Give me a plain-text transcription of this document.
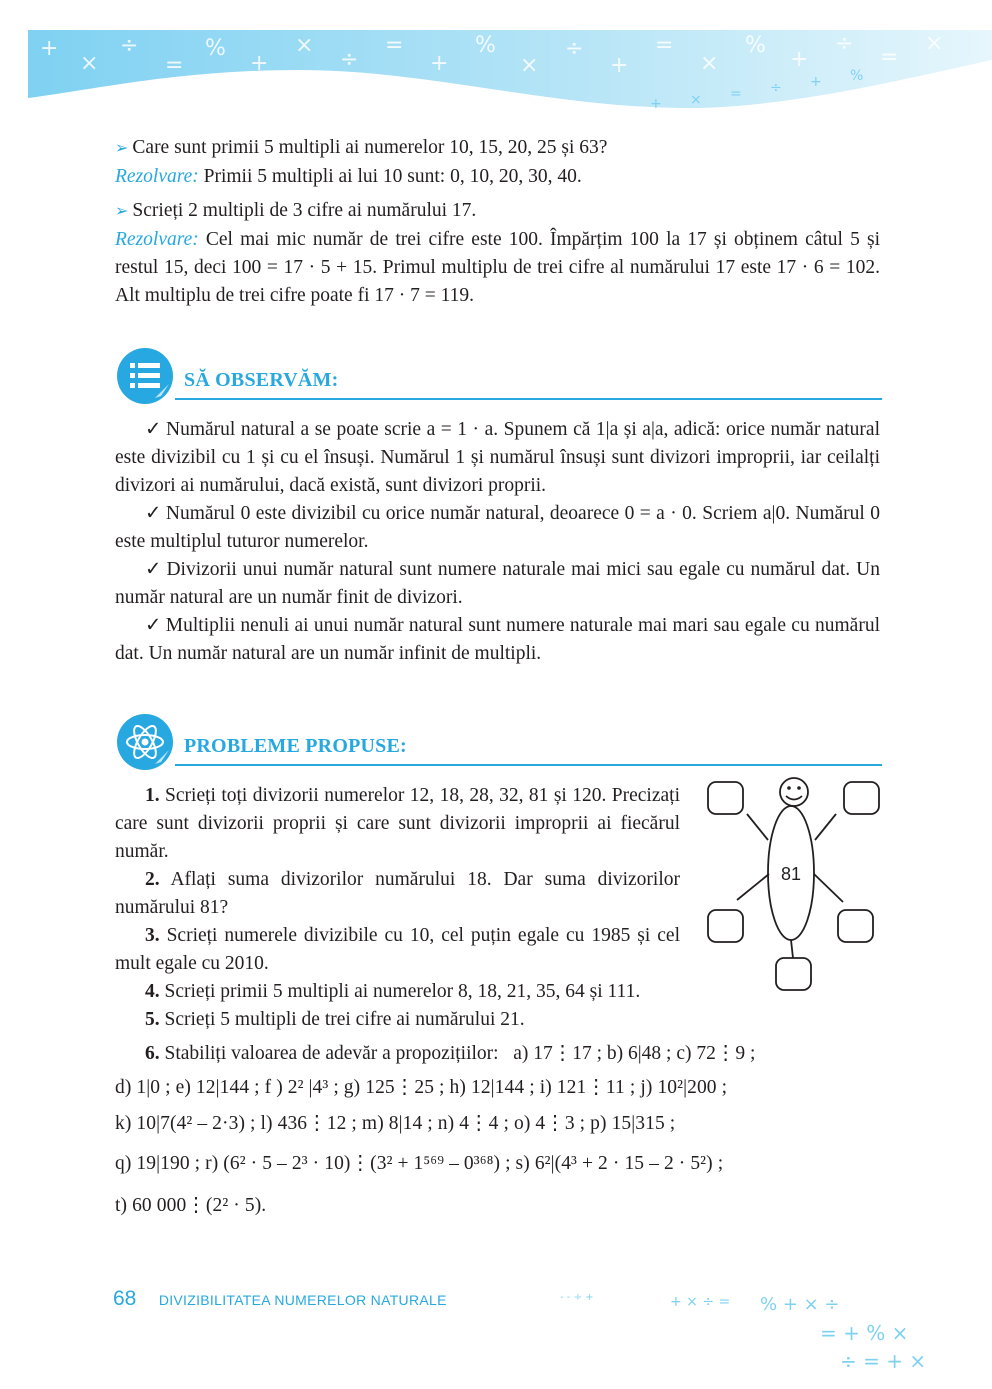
+
×
÷
=
%
+
×
÷
=
+
%
×
÷
+
=
×
%
+
÷
=
×
+ × = ÷ + %

➢ Care sunt primii 5 multipli ai numerelor 10, 15, 20, 25 și 63?

Rezolvare: Primii 5 multipli ai lui 10 sunt: 0, 10, 20, 30, 40.

➢ Scrieți 2 multipli de 3 cifre ai numărului 17.

Rezolvare: Cel mai mic număr de trei cifre este 100. Împărțim 100 la 17 și obținem câtul 5 și restul 15, deci 100 = 17 · 5 + 15. Primul multiplu de trei cifre al numărului 17 este 17 · 6 = 102. Alt multiplu de trei cifre poate fi 17 · 7 = 119.

SĂ OBSERVĂM:

✓ Numărul natural a se poate scrie a = 1 · a. Spunem că 1|a și a|a, adică: orice număr natural este divizibil cu 1 și cu el însuși. Numărul 1 și numărul însuși sunt divizori improprii, iar ceilalți divizori ai numărului, dacă există, sunt divizori proprii.

✓ Numărul 0 este divizibil cu orice număr natural, deoarece 0 = a · 0. Scriem a|0. Numărul 0 este multiplul tuturor numerelor.

✓ Divizorii unui număr natural sunt numere naturale mai mici sau egale cu numărul dat. Un număr natural are un număr finit de divizori.

✓ Multiplii nenuli ai unui număr natural sunt numere naturale mai mari sau egale cu numărul dat. Un număr natural are un număr infinit de multipli.

PROBLEME PROPUSE:
81

1. Scrieți toți divizorii numerelor 12, 18, 28, 32, 81 și 120. Precizați care sunt divizorii proprii și care sunt divizorii improprii ai fiecărul număr.

2. Aflați suma divizorilor numărului 18. Dar suma divizorilor numărului 81?

3. Scrieți numerele divizibile cu 10, cel puțin egale cu 1985 și cel mult egale cu 2010.

4. Scrieți primii 5 multipli ai numerelor 8, 18, 21, 35, 64 și 111.

5. Scrieți 5 multipli de trei cifre ai numărului 21.

6. Stabiliți valoarea de adevăr a propozițiilor: a) 17⋮17 ; b) 6|48 ; c) 72⋮9 ;

d) 1|0 ; e) 12|144 ; f ) 2² |4³ ; g) 125⋮25 ; h) 12|144 ; i) 121⋮11 ; j) 10²|200 ;

k) 10|7(4² – 2·3) ; l) 436⋮12 ; m) 8|14 ; n) 4⋮4 ; o) 4⋮3 ; p) 15|315 ;

q) 19|190 ; r) (6² · 5 – 2³ · 10)⋮(3² + 1⁵⁶⁹ – 0³⁶⁸) ; s) 6²|(4³ + 2 · 15 – 2 · 5²) ;

t) 60 000⋮(2² · 5).

- - ÷ +	+ × ÷ = % + × ÷
= + % ×
÷ = + ×
68 DIVIZIBILITATEA NUMERELOR NATURALE
